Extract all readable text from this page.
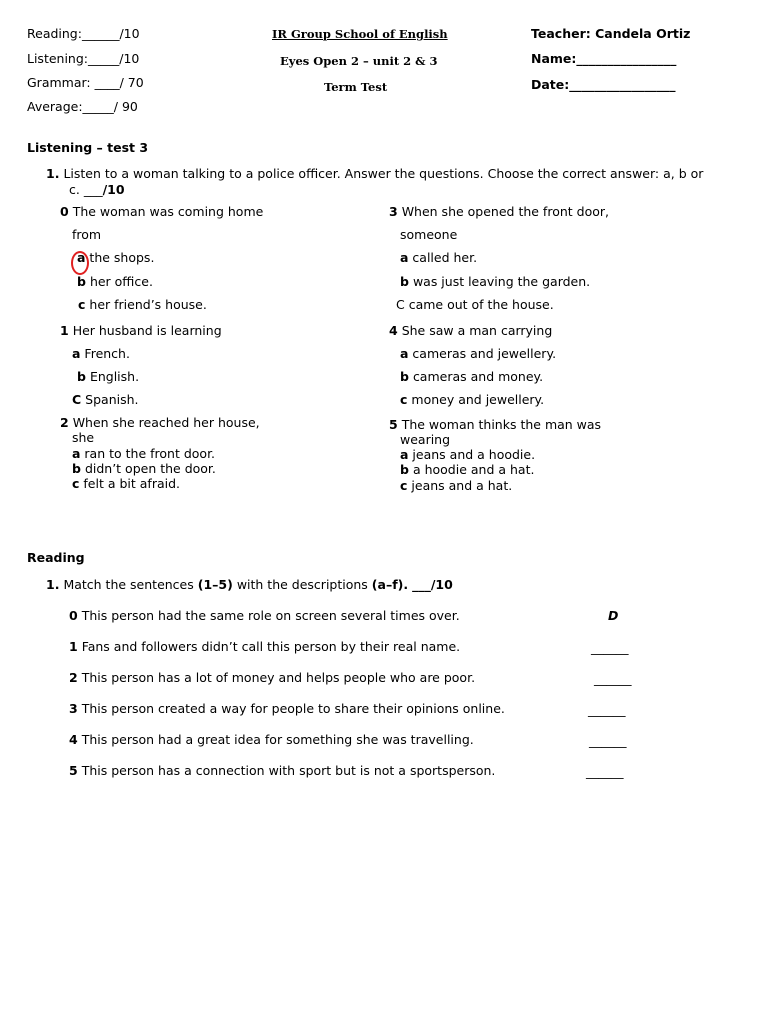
Reading:______/10
Listening:_____/10
Grammar: ____/ 70
Average:_____/ 90
IR Group School of English
Eyes Open 2 – unit 2 & 3
Term Test
Teacher: Candela Ortiz
Name:________________
Date:_________________
Listening – test 3
1. Listen to a woman talking to a police officer. Answer the questions. Choose the correct answer: a, b or
c. ___/10
0 The woman was coming home
from
a the shops.
b her office.
c her friend’s house.
1 Her husband is learning
a French.
b English.
C Spanish.
2 When she reached her house,
she
a ran to the front door.
b didn’t open the door.
c felt a bit afraid.
3 When she opened the front door,
someone
a called her.
b was just leaving the garden.
C came out of the house.
4 She saw a man carrying
a cameras and jewellery.
b cameras and money.
c money and jewellery.
5 The woman thinks the man was
wearing
a jeans and a hoodie.
b a hoodie and a hat.
c jeans and a hat.
Reading
1. Match the sentences (1–5) with the descriptions (a–f). ___/10
0 This person had the same role on screen several times over.	D
1 Fans and followers didn’t call this person by their real name.	______
2 This person has a lot of money and helps people who are poor.	______
3 This person created a way for people to share their opinions online.	______
4 This person had a great idea for something she was travelling.	______
5 This person has a connection with sport but is not a sportsperson.	______
